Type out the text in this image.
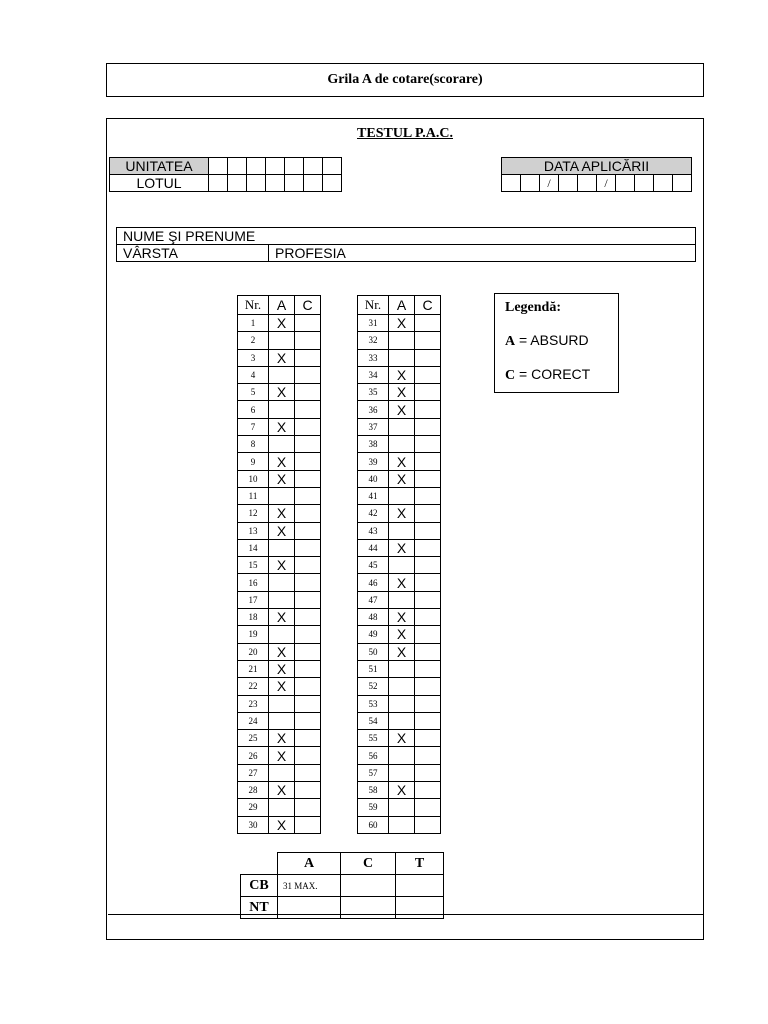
Grila A de cotare(scorare)
TESTUL P.A.C.
UNITATEA							
LOTUL							
DATA APLICĂRII
		/			/				
NUME ŞI PRENUME
VÂRSTA	PROFESIA
Nr.	A	C
1	X	
2		
3	X	
4		
5	X	
6		
7	X	
8		
9	X	
10	X	
11		
12	X	
13	X	
14		
15	X	
16		
17		
18	X	
19		
20	X	
21	X	
22	X	
23		
24		
25	X	
26	X	
27		
28	X	
29		
30	X	
Nr.	A	C
31	X	
32		
33		
34	X	
35	X	
36	X	
37		
38		
39	X	
40	X	
41		
42	X	
43		
44	X	
45		
46	X	
47		
48	X	
49	X	
50	X	
51		
52		
53		
54		
55	X	
56		
57		
58	X	
59		
60		
Legendă:
A = ABSURD
C = CORECT
	A	C	T
CB	31 MAX.		
NT			
